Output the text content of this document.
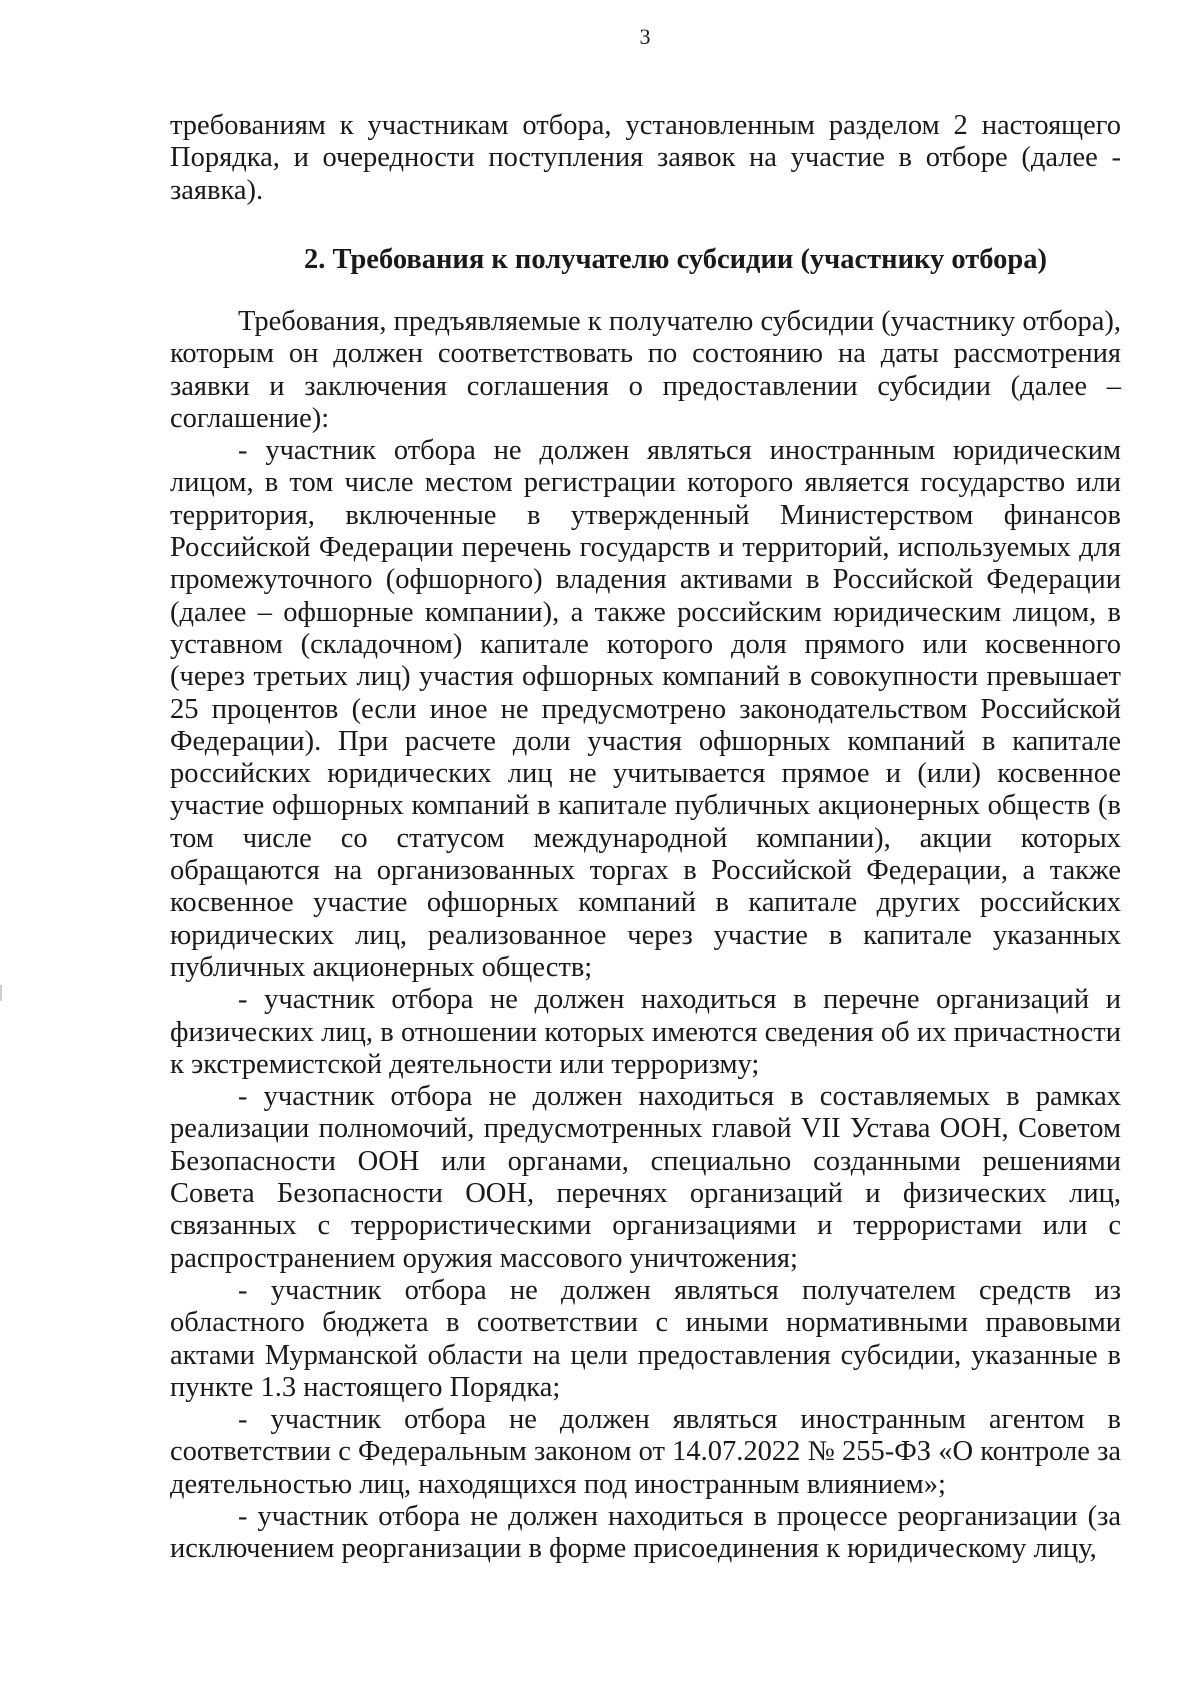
3

требованиям к участникам отбора, установленным разделом 2 настоящего Порядка, и очередности поступления заявок на участие в отборе (далее - заявка).

2. Требования к получателю субсидии (участнику отбора)

Требования, предъявляемые к получателю субсидии (участнику отбора), которым он должен соответствовать по состоянию на даты рассмотрения заявки и заключения соглашения о предоставлении субсидии (далее – соглашение):

- участник отбора не должен являться иностранным юридическим лицом, в том числе местом регистрации которого является государство или территория, включенные в утвержденный Министерством финансов Российской Федерации перечень государств и территорий, используемых для промежуточного (офшорного) владения активами в Российской Федерации (далее – офшорные компании), а также российским юридическим лицом, в уставном (складочном) капитале которого доля прямого или косвенного (через третьих лиц) участия офшорных компаний в совокупности превышает 25 процентов (если иное не предусмотрено законодательством Российской Федерации). При расчете доли участия офшорных компаний в капитале российских юридических лиц не учитывается прямое и (или) косвенное участие офшорных компаний в капитале публичных акционерных обществ (в том числе со статусом международной компании), акции которых обращаются на организованных торгах в Российской Федерации, а также косвенное участие офшорных компаний в капитале других российских юридических лиц, реализованное через участие в капитале указанных публичных акционерных обществ;

- участник отбора не должен находиться в перечне организаций и физических лиц, в отношении которых имеются сведения об их причастности к экстремистской деятельности или терроризму;

- участник отбора не должен находиться в составляемых в рамках реализации полномочий, предусмотренных главой VII Устава ООН, Советом Безопасности ООН или органами, специально созданными решениями Совета Безопасности ООН, перечнях организаций и физических лиц, связанных с террористическими организациями и террористами или с распространением оружия массового уничтожения;

- участник отбора не должен являться получателем средств из областного бюджета в соответствии с иными нормативными правовыми актами Мурманской области на цели предоставления субсидии, указанные в пункте 1.3 настоящего Порядка;

- участник отбора не должен являться иностранным агентом в соответствии с Федеральным законом от 14.07.2022 № 255-ФЗ «О контроле за деятельностью лиц, находящихся под иностранным влиянием»;

- участник отбора не должен находиться в процессе реорганизации (за исключением реорганизации в форме присоединения к юридическому лицу,
